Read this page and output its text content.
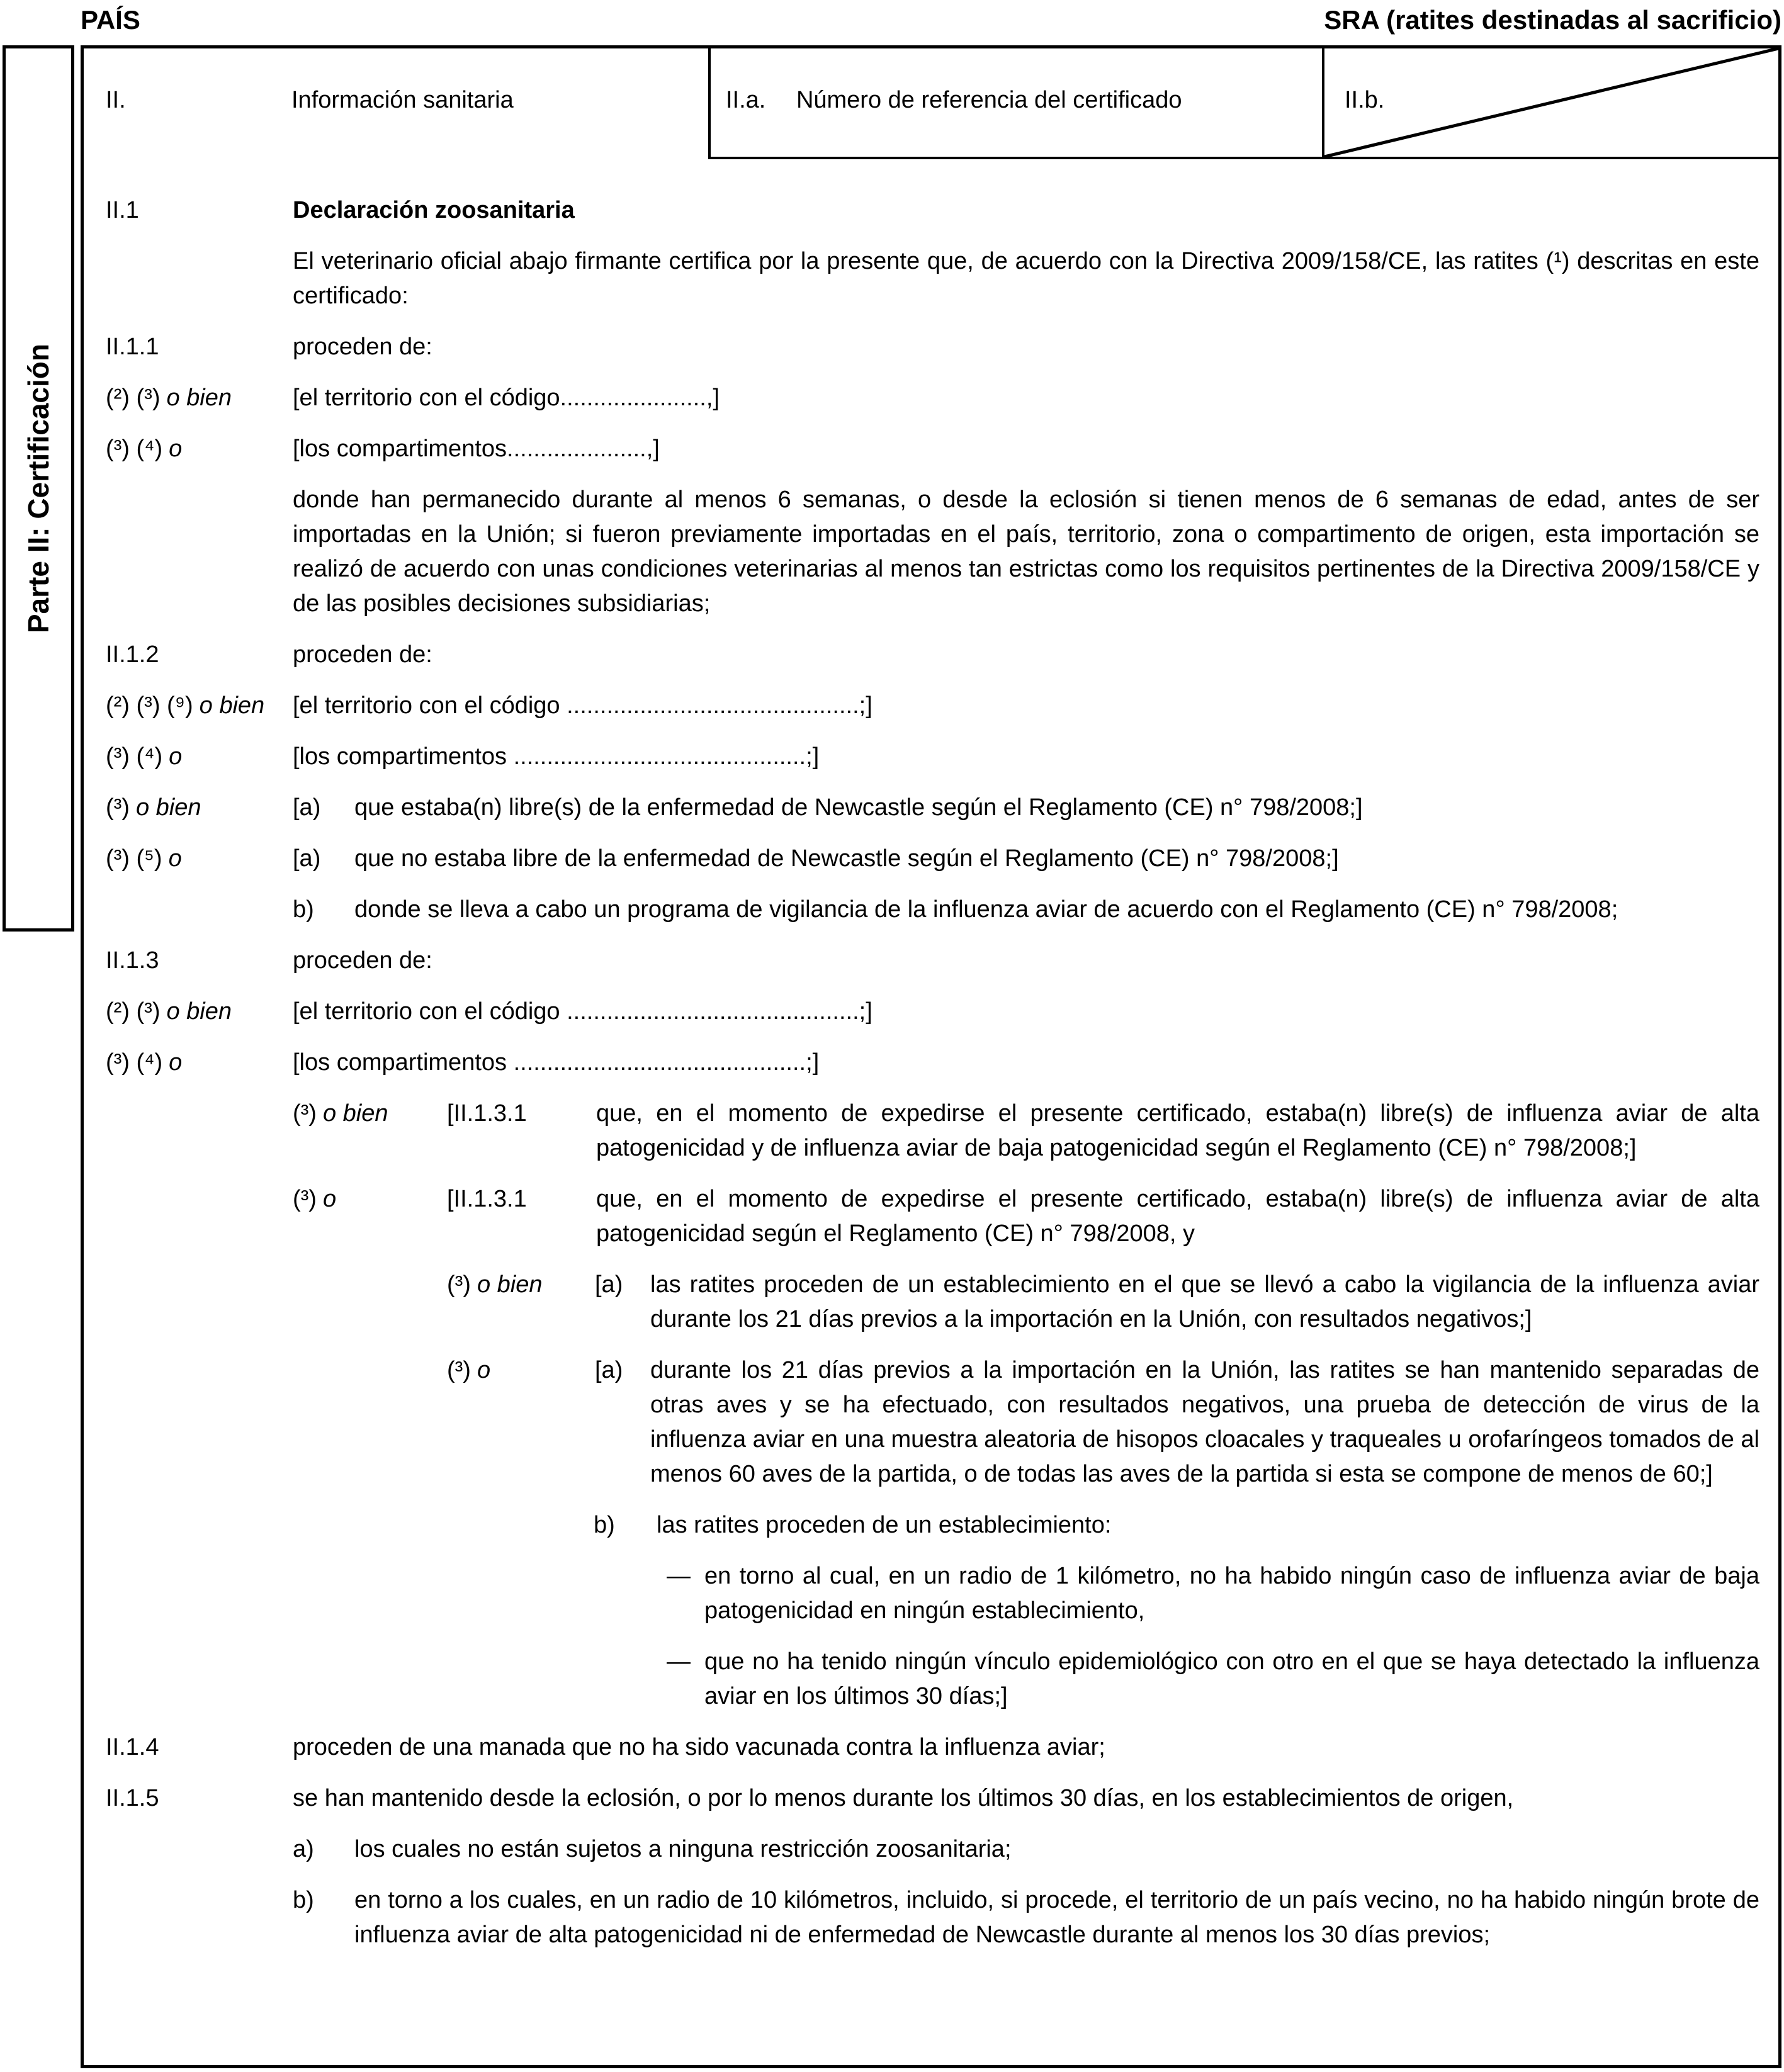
PAÍS	SRA (ratites destinadas al sacrificio)
Parte II: Certificación
II.	Información sanitaria	II.a. Número de referencia del certificado	II.b.
II.1	Declaración zoosanitaria
El veterinario oficial abajo firmante certifica por la presente que, de acuerdo con la Directiva 2009/158/CE, las ratites (¹) descritas en este certificado:
II.1.1	proceden de:
(²) (³) o bien	[el territorio con el código......................,]
(³) (⁴) o	[los compartimentos.....................,]
donde han permanecido durante al menos 6 semanas, o desde la eclosión si tienen menos de 6 semanas de edad, antes de ser importadas en la Unión; si fueron previamente importadas en el país, territorio, zona o compartimento de origen, esta importación se realizó de acuerdo con unas condiciones veterinarias al menos tan estrictas como los requisitos pertinentes de la Directiva 2009/158/CE y de las posibles decisiones subsidiarias;
II.1.2	proceden de:
(²) (³) (⁹) o bien	[el territorio con el código ............................................;]
(³) (⁴) o	[los compartimentos ............................................;]
(³) o bien	[a)	que estaba(n) libre(s) de la enfermedad de Newcastle según el Reglamento (CE) n° 798/2008;]
(³) (⁵) o	[a)	que no estaba libre de la enfermedad de Newcastle según el Reglamento (CE) n° 798/2008;]
b)	donde se lleva a cabo un programa de vigilancia de la influenza aviar de acuerdo con el Reglamento (CE) n° 798/2008;
II.1.3	proceden de:
(²) (³) o bien	[el territorio con el código ............................................;]
(³) (⁴) o	[los compartimentos ............................................;]
(³) o bien	[II.1.3.1	que, en el momento de expedirse el presente certificado, estaba(n) libre(s) de influenza aviar de alta patogenicidad y de influenza aviar de baja patogenicidad según el Reglamento (CE) n° 798/2008;]
(³) o	[II.1.3.1	que, en el momento de expedirse el presente certificado, estaba(n) libre(s) de influenza aviar de alta patogenicidad según el Reglamento (CE) n° 798/2008, y
(³) o bien	[a)	las ratites proceden de un establecimiento en el que se llevó a cabo la vigilancia de la influenza aviar durante los 21 días previos a la importación en la Unión, con resultados negativos;]
(³) o	[a)	durante los 21 días previos a la importación en la Unión, las ratites se han mantenido separadas de otras aves y se ha efectuado, con resultados negativos, una prueba de detección de virus de la influenza aviar en una muestra aleatoria de hisopos cloacales y traqueales u orofaríngeos tomados de al menos 60 aves de la partida, o de todas las aves de la partida si esta se compone de menos de 60;]
b)	las ratites proceden de un establecimiento:
— en torno al cual, en un radio de 1 kilómetro, no ha habido ningún caso de influenza aviar de baja patogenicidad en ningún establecimiento,
— que no ha tenido ningún vínculo epidemiológico con otro en el que se haya detectado la influenza aviar en los últimos 30 días;]
II.1.4	proceden de una manada que no ha sido vacunada contra la influenza aviar;
II.1.5	se han mantenido desde la eclosión, o por lo menos durante los últimos 30 días, en los establecimientos de origen,
a)	los cuales no están sujetos a ninguna restricción zoosanitaria;
b)	en torno a los cuales, en un radio de 10 kilómetros, incluido, si procede, el territorio de un país vecino, no ha habido ningún brote de influenza aviar de alta patogenicidad ni de enfermedad de Newcastle durante al menos los 30 días previos;
